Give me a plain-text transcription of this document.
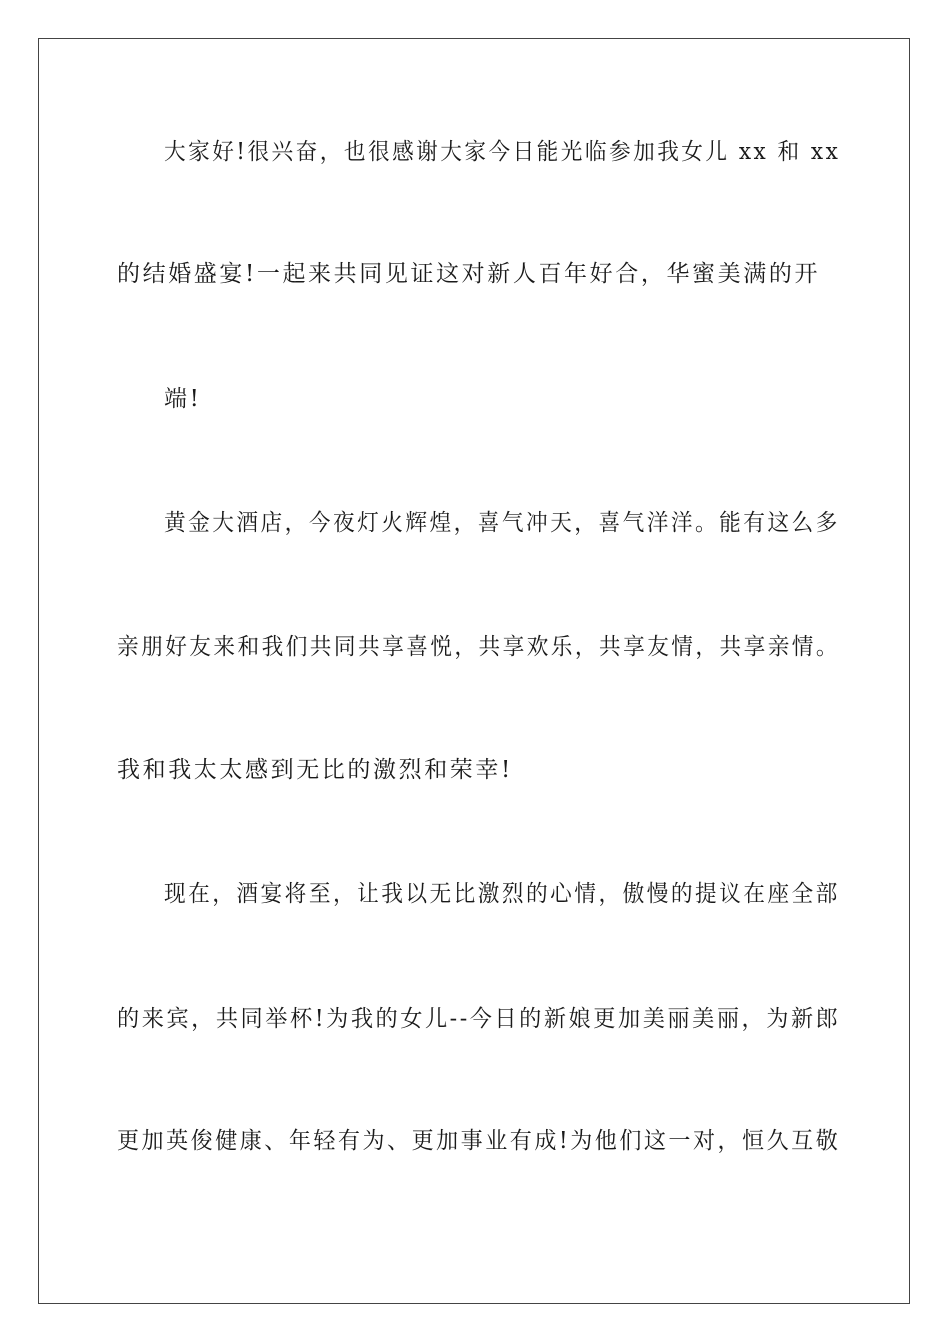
大家好!很兴奋，也很感谢大家今日能光临参加我女儿 xx 和 xx
的结婚盛宴!一起来共同见证这对新人百年好合，华蜜美满的开
端!
黄金大酒店，今夜灯火辉煌，喜气冲天，喜气洋洋。能有这么多
亲朋好友来和我们共同共享喜悦，共享欢乐，共享友情，共享亲情。
我和我太太感到无比的激烈和荣幸!
现在，酒宴将至，让我以无比激烈的心情，傲慢的提议在座全部
的来宾，共同举杯!为我的女儿--今日的新娘更加美丽美丽，为新郎
更加英俊健康、年轻有为、更加事业有成!为他们这一对，恒久互敬
